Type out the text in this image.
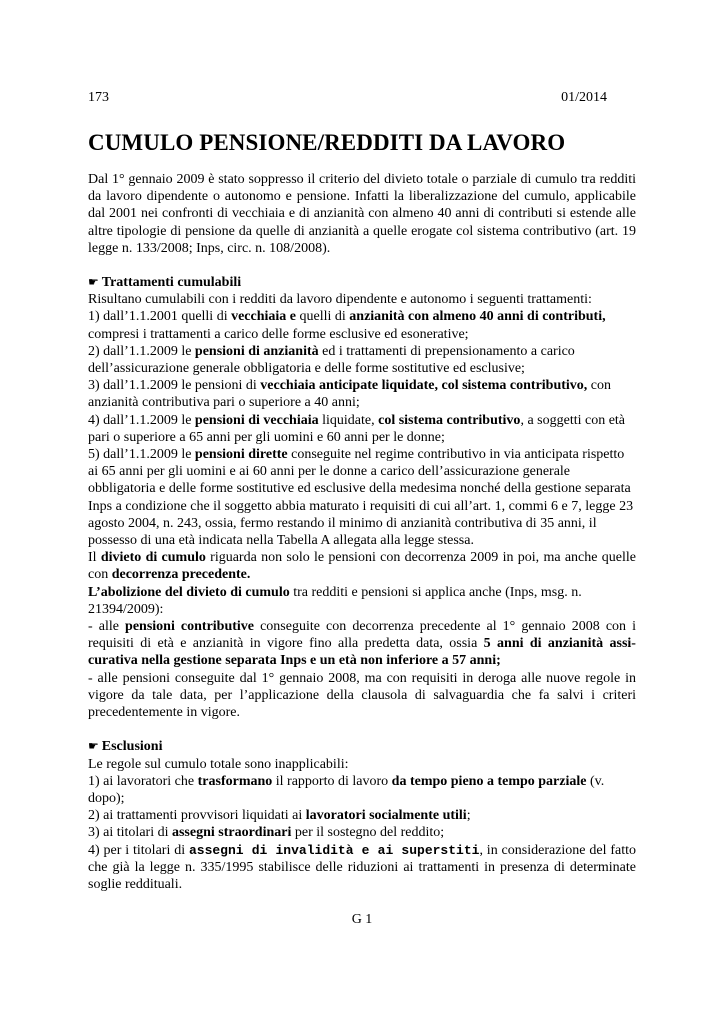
173	01/2014
CUMULO PENSIONE/REDDITI DA LAVORO

Dal 1° gennaio 2009 è stato soppresso il criterio del divieto totale o parziale di cumulo tra redditi da lavoro dipendente o autonomo e pensione. Infatti la liberalizzazione del cumulo, applicabile dal 2001 nei confronti di vecchiaia e di anzianità con almeno 40 anni di contributi si estende alle altre tipologie di pensione da quelle di anzianità a quelle erogate col sistema contributivo (art. 19 legge n. 133/2008; Inps, circ. n. 108/2008).

☛ Trattamenti cumulabili

Risultano cumulabili con i redditi da lavoro dipendente e autonomo i seguenti trattamenti:

1) dall’1.1.2001 quelli di vecchiaia e quelli di anzianità con almeno 40 anni di contributi, compresi i trattamenti a carico delle forme esclusive ed esonerative;

2) dall’1.1.2009 le pensioni di anzianità ed i trattamenti di prepensionamento a carico dell’assicurazione generale obbligatoria e delle forme sostitutive ed esclusive;

3) dall’1.1.2009 le pensioni di vecchiaia anticipate liquidate, col sistema contributivo, con anzianità contributiva pari o superiore a 40 anni;

4) dall’1.1.2009 le pensioni di vecchiaia liquidate, col sistema contributivo, a soggetti con età pari o superiore a 65 anni per gli uomini e 60 anni per le donne;

5) dall’1.1.2009 le pensioni dirette conseguite nel regime contributivo in via anticipata rispetto ai 65 anni per gli uomini e ai 60 anni per le donne a carico dell’assicurazione generale obbligatoria e delle forme sostitutive ed esclusive della medesima nonché della gestione separata Inps a condizione che il soggetto abbia maturato i requisiti di cui all’art. 1, commi 6 e 7, legge 23 agosto 2004, n. 243, ossia, fermo restando il minimo di anzianità contributiva di 35 anni, il possesso di una età indicata nella Tabella A allegata alla legge stessa.

Il divieto di cumulo riguarda non solo le pensioni con decorrenza 2009 in poi, ma anche quelle con decorrenza precedente.

L’abolizione del divieto di cumulo tra redditi e pensioni si applica anche (Inps, msg. n. 21394/2009):

- alle pensioni contributive conseguite con decorrenza precedente al 1° gennaio 2008 con i requisiti di età e anzianità in vigore fino alla predetta data, ossia 5 anni di anzianità assi-curativa nella gestione separata Inps e un età non inferiore a 57 anni;

- alle pensioni conseguite dal 1° gennaio 2008, ma con requisiti in deroga alle nuove regole in vigore da tale data, per l’applicazione della clausola di salvaguardia che fa salvi i criteri precedentemente in vigore.

☛ Esclusioni

Le regole sul cumulo totale sono inapplicabili:

1) ai lavoratori che trasformano il rapporto di lavoro da tempo pieno a tempo parziale (v. dopo);

2) ai trattamenti provvisori liquidati ai lavoratori socialmente utili;

3) ai titolari di assegni straordinari per il sostegno del reddito;

4) per i titolari di assegni di invalidità e ai superstiti, in considerazione del fatto che già la legge n. 335/1995 stabilisce delle riduzioni ai trattamenti in presenza di determinate soglie reddituali.

G 1
